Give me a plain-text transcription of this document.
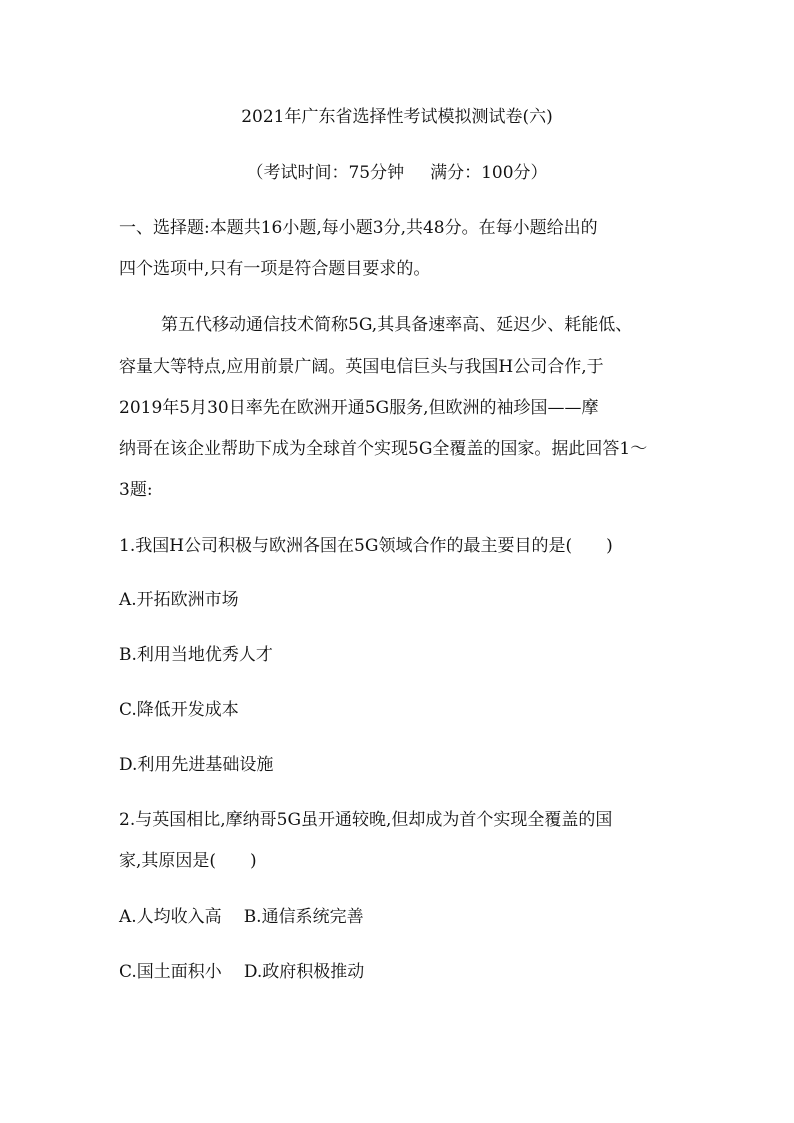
2021年广东省选择性考试模拟测试卷(六)
（考试时间：75分钟 满分：100分）
一、选择题:本题共16小题,每小题3分,共48分。在每小题给出的
四个选项中,只有一项是符合题目要求的。
第五代移动通信技术简称5G,其具备速率高、延迟少、耗能低、
容量大等特点,应用前景广阔。英国电信巨头与我国H公司合作,于
2019年5月30日率先在欧洲开通5G服务,但欧洲的袖珍国——摩
纳哥在该企业帮助下成为全球首个实现5G全覆盖的国家。据此回答1～
3题:
1.我国H公司积极与欧洲各国在5G领域合作的最主要目的是(　　)
A.开拓欧洲市场
B.利用当地优秀人才
C.降低开发成本
D.利用先进基础设施
2.与英国相比,摩纳哥5G虽开通较晚,但却成为首个实现全覆盖的国
家,其原因是(　　)
A.人均收入高 B.通信系统完善
C.国土面积小 D.政府积极推动
